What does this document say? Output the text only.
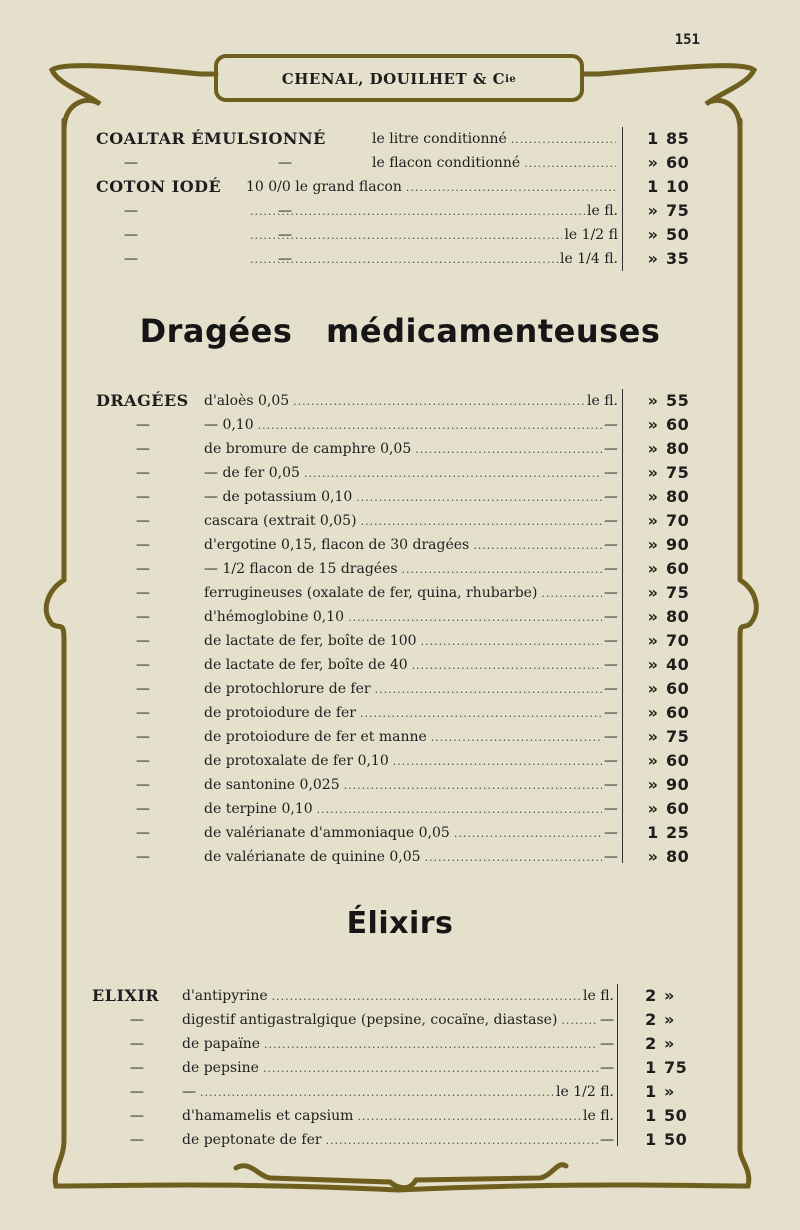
151
CHENAL, DOUILHET & C ie
COALTAR ÉMULSIONNÉ	le litre conditionné .....	1 85
—	—	le flacon conditionné .....	» 60
COTON IODÉ 10 0/0 le grand flacon .....	1 10
—	— .....	le fl.	» 75
—	— .....	le 1/2 fl	» 50
—	— .....	le 1/4 fl.	» 35
Dragées médicamenteuses
DRAGÉES d'aloès 0,05 .....	le fl.	» 55
—	— 0,10 .....	—	» 60
—	de bromure de camphre 0,05 .....	—	» 80
—	— de fer 0,05 .....	—	» 75
—	— de potassium 0,10 .....	—	» 80
—	cascara (extrait 0,05) .....	—	» 70
—	d'ergotine 0,15, flacon de 30 dragées .....	—	» 90
—	— 1/2 flacon de 15 dragées .....	—	» 60
—	ferrugineuses (oxalate de fer, quina, rhubarbe) .....	—	» 75
—	d'hémoglobine 0,10 .....	—	» 80
—	de lactate de fer, boîte de 100 .....	—	» 70
—	de lactate de fer, boîte de 40 .....	—	» 40
—	de protochlorure de fer .....	—	» 60
—	de protoiodure de fer .....	—	» 60
—	de protoiodure de fer et manne .....	—	» 75
—	de protoxalate de fer 0,10 .....	—	» 60
—	de santonine 0,025 .....	—	» 90
—	de terpine 0,10 .....	—	» 60
—	de valérianate d'ammoniaque 0,05 .....	—	1 25
—	de valérianate de quinine 0,05 .....	—	» 80
Élixirs
ELIXIR d'antipyrine .....	le fl.	2 »
—	digestif antigastralgique (pepsine, cocaïne, diastase) .....	—	2 »
—	de papaïne .....	—	2 »
—	de pepsine .....	—	1 75
—	— .....	le 1/2 fl.	1 »
—	d'hamamelis et capsium .....	le fl.	1 50
—	de peptonate de fer .....	—	1 50
